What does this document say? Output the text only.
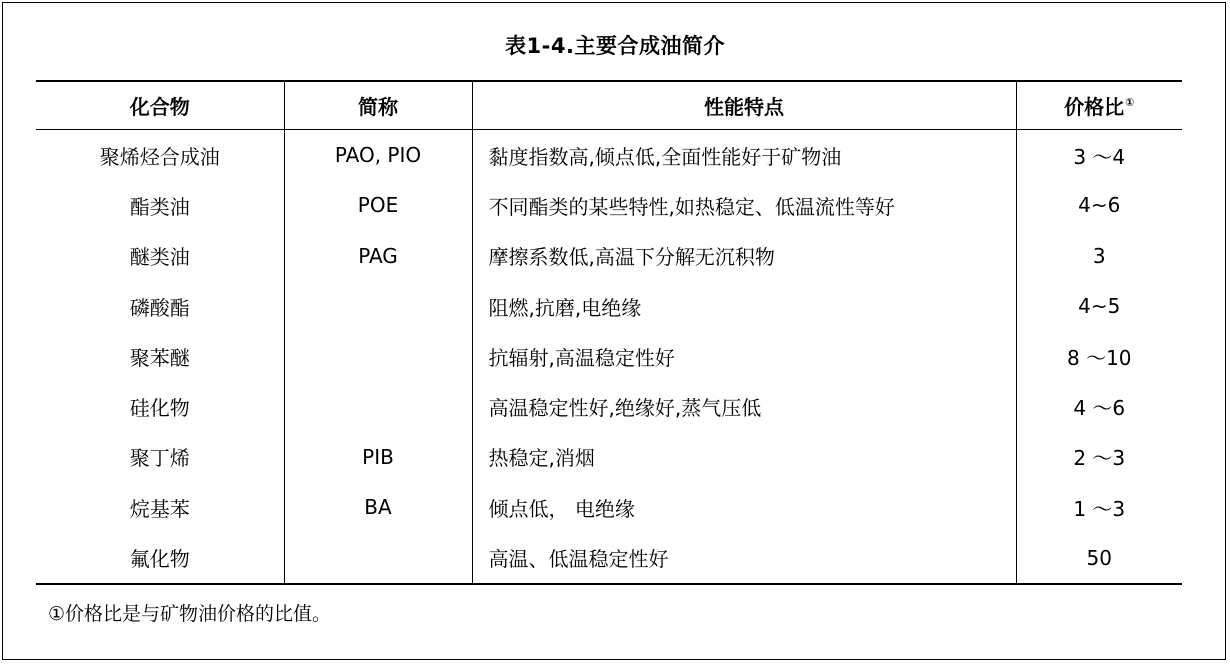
表1-4.主要合成油简介
化合物	简称	性能特点	价格比①
聚烯烃合成油	PAO, PIO	黏度指数高,倾点低,全面性能好于矿物油	3 ～4
酯类油	POE	不同酯类的某些特性,如热稳定、低温流性等好	4~6
醚类油	PAG	摩擦系数低,高温下分解无沉积物	3
磷酸酯		阻燃,抗磨,电绝缘	4~5
聚苯醚		抗辐射,高温稳定性好	8 ～10
硅化物		高温稳定性好,绝缘好,蒸气压低	4 ～6
聚丁烯	PIB	热稳定,消烟	2 ～3
烷基苯	BA	倾点低， 电绝缘	1 ～3
氟化物		高温、低温稳定性好	50
①价格比是与矿物油价格的比值。
